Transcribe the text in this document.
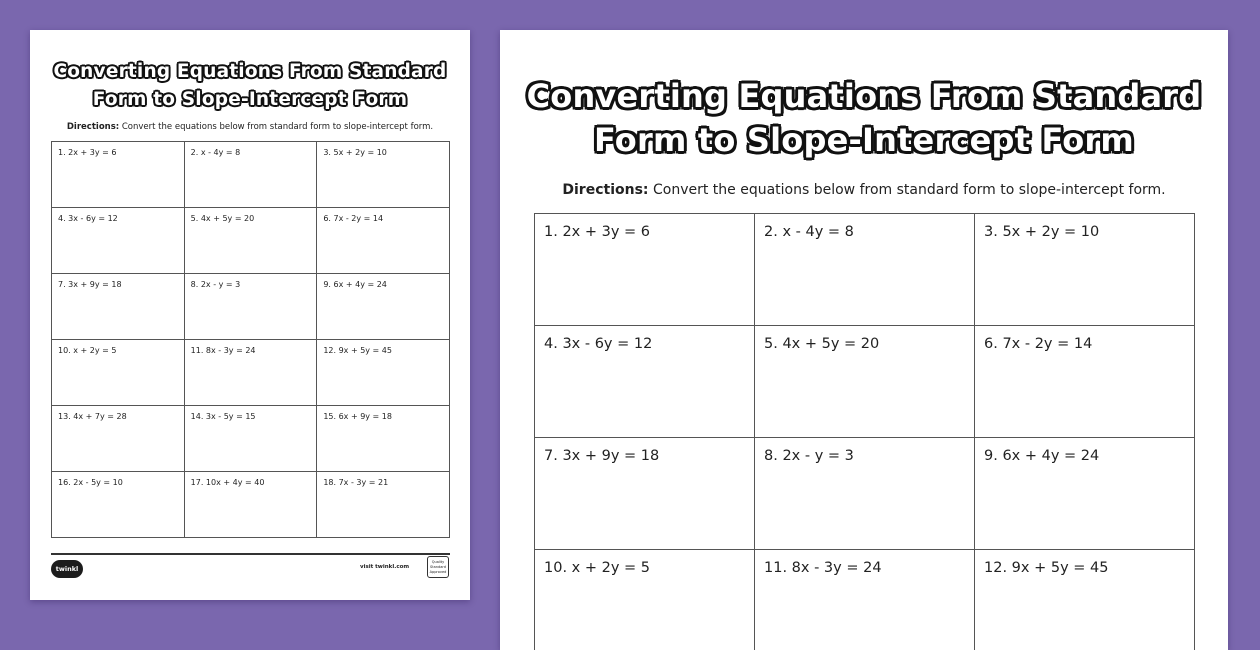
Converting Equations From Standard
Form to Slope-Intercept Form
Directions: Convert the equations below from standard form to slope-intercept form.
1. 2x + 3y = 6	2. x - 4y = 8	3. 5x + 2y = 10
4. 3x - 6y = 12	5. 4x + 5y = 20	6. 7x - 2y = 14
7. 3x + 9y = 18	8. 2x - y = 3	9. 6x + 4y = 24
10. x + 2y = 5	11. 8x - 3y = 24	12. 9x + 5y = 45
13. 4x + 7y = 28	14. 3x - 5y = 15	15. 6x + 9y = 18
16. 2x - 5y = 10	17. 10x + 4y = 40	18. 7x - 3y = 21
twinkl	visit twinkl.com
Quality Standard Approved
Converting Equations From Standard
Form to Slope-Intercept Form
Directions: Convert the equations below from standard form to slope-intercept form.
1. 2x + 3y = 6	2. x - 4y = 8	3. 5x + 2y = 10
4. 3x - 6y = 12	5. 4x + 5y = 20	6. 7x - 2y = 14
7. 3x + 9y = 18	8. 2x - y = 3	9. 6x + 4y = 24
10. x + 2y = 5	11. 8x - 3y = 24	12. 9x + 5y = 45
